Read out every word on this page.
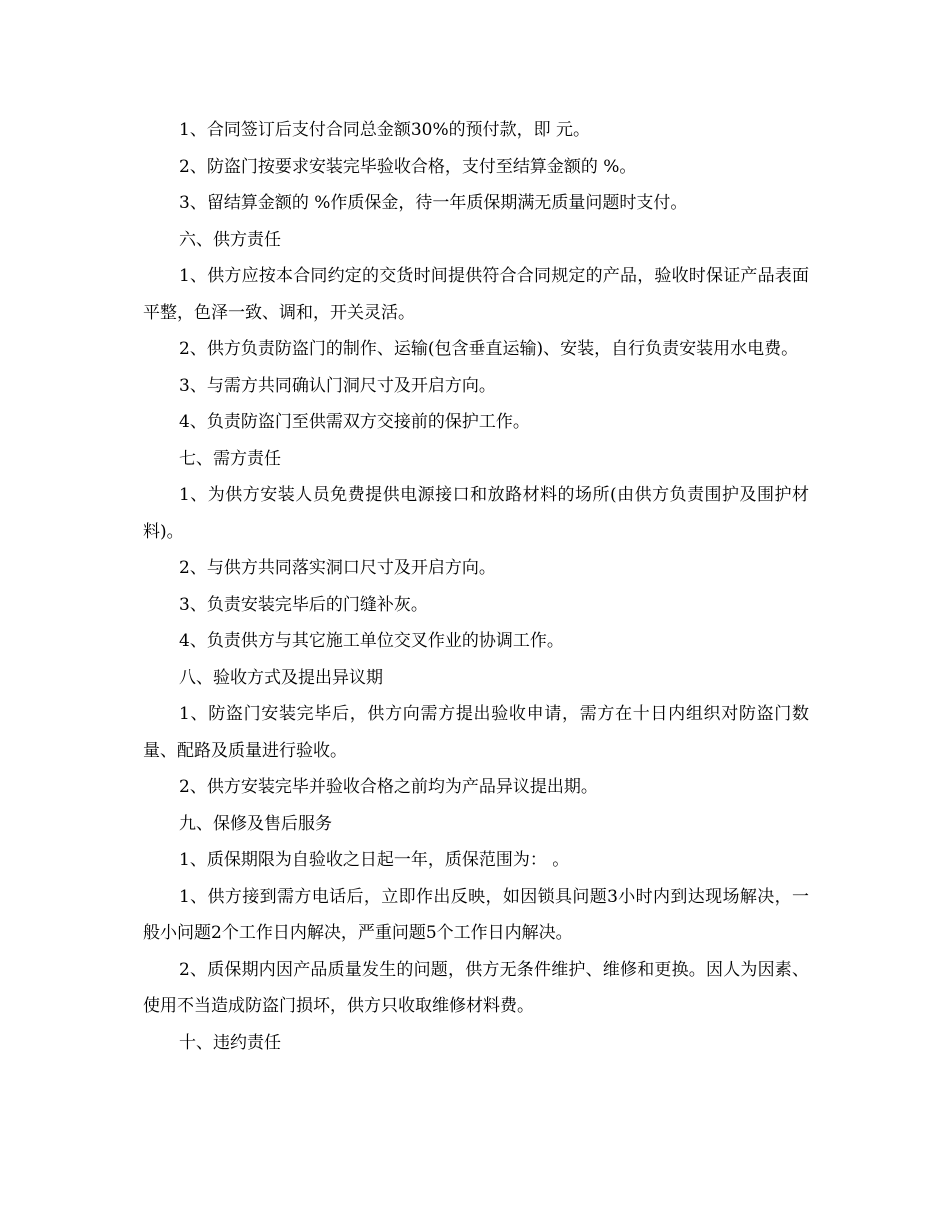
1、合同签订后支付合同总金额30%的预付款，即 元。

2、防盗门按要求安装完毕验收合格，支付至结算金额的 %。

3、留结算金额的 %作质保金，待一年质保期满无质量问题时支付。

六、供方责任

1、供方应按本合同约定的交货时间提供符合合同规定的产品，验收时保证产品表面平整，色泽一致、调和，开关灵活。

2、供方负责防盗门的制作、运输(包含垂直运输)、安装，自行负责安装用水电费。

3、与需方共同确认门洞尺寸及开启方向。

4、负责防盗门至供需双方交接前的保护工作。

七、需方责任

1、为供方安装人员免费提供电源接口和放路材料的场所(由供方负责围护及围护材料)。

2、与供方共同落实洞口尺寸及开启方向。

3、负责安装完毕后的门缝补灰。

4、负责供方与其它施工单位交叉作业的协调工作。

八、验收方式及提出异议期

1、防盗门安装完毕后，供方向需方提出验收申请，需方在十日内组织对防盗门数量、配路及质量进行验收。

2、供方安装完毕并验收合格之前均为产品异议提出期。

九、保修及售后服务

1、质保期限为自验收之日起一年，质保范围为： 。

1、供方接到需方电话后，立即作出反映，如因锁具问题3小时内到达现场解决，一般小问题2个工作日内解决，严重问题5个工作日内解决。

2、质保期内因产品质量发生的问题，供方无条件维护、维修和更换。因人为因素、使用不当造成防盗门损坏，供方只收取维修材料费。

十、违约责任
